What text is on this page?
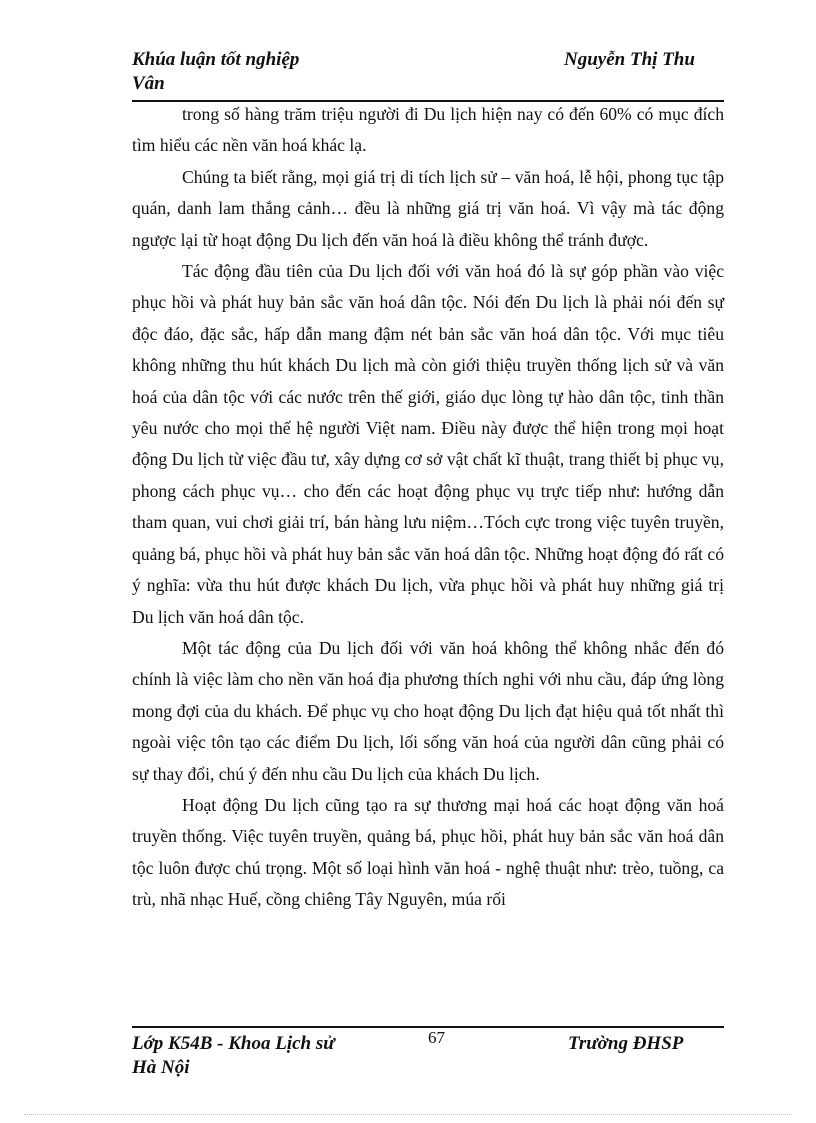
Khúa luận tốt nghiệp
Vân
Nguyễn Thị Thu

trong số hàng trăm triệu người đi Du lịch hiện nay có đến 60% có mục đích tìm hiểu các nền văn hoá khác lạ.

Chúng ta biết rằng, mọi giá trị di tích lịch sử – văn hoá, lễ hội, phong tục tập quán, danh lam thắng cảnh… đều là những giá trị văn hoá. Vì vậy mà tác động ngược lại từ hoạt động Du lịch đến văn hoá là điều không thể tránh được.

Tác động đầu tiên của Du lịch đối với văn hoá đó là sự góp phần vào việc phục hồi và phát huy bản sắc văn hoá dân tộc. Nói đến Du lịch là phải nói đến sự độc đáo, đặc sắc, hấp dẫn mang đậm nét bản sắc văn hoá dân tộc. Với mục tiêu không những thu hút khách Du lịch mà còn giới thiệu truyền thống lịch sử và văn hoá của dân tộc với các nước trên thế giới, giáo dục lòng tự hào dân tộc, tinh thần yêu nước cho mọi thế hệ người Việt nam. Điều này được thể hiện trong mọi hoạt động Du lịch từ việc đầu tư, xây dựng cơ sở vật chất kĩ thuật, trang thiết bị phục vụ, phong cách phục vụ… cho đến các hoạt động phục vụ trực tiếp như: hướng dẫn tham quan, vui chơi giải trí, bán hàng lưu niệm…Tóch cực trong việc tuyên truyền, quảng bá, phục hồi và phát huy bản sắc văn hoá dân tộc. Những hoạt động đó rất có ý nghĩa: vừa thu hút được khách Du lịch, vừa phục hồi và phát huy những giá trị Du lịch văn hoá dân tộc.

Một tác động của Du lịch đối với văn hoá không thể không nhắc đến đó chính là việc làm cho nền văn hoá địa phương thích nghi với nhu cầu, đáp ứng lòng mong đợi của du khách. Để phục vụ cho hoạt động Du lịch đạt hiệu quả tốt nhất thì ngoài việc tôn tạo các điểm Du lịch, lối sống văn hoá của người dân cũng phải có sự thay đổi, chú ý đến nhu cầu Du lịch của khách Du lịch.

Hoạt động Du lịch cũng tạo ra sự thương mại hoá các hoạt động văn hoá truyền thống. Việc tuyên truyền, quảng bá, phục hồi, phát huy bản sắc văn hoá dân tộc luôn được chú trọng. Một số loại hình văn hoá - nghệ thuật như: trèo, tuồng, ca trù, nhã nhạc Huế, cồng chiêng Tây Nguyên, múa rối

Lớp K54B - Khoa Lịch sử
Hà Nội
67	Trường ĐHSP
